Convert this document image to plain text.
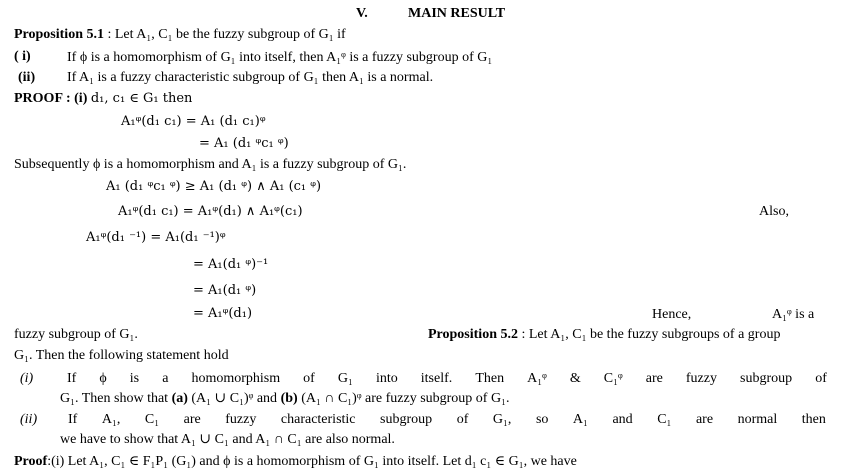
V.	MAIN RESULT
Proposition 5.1 : Let A₁, C₁ be the fuzzy subgroup of G₁ if
( i)	If ϕ is a homomorphism of G₁ into itself, then A₁ᵠ is a fuzzy subgroup of G₁
(ii) If A₁ is a fuzzy characteristic subgroup of G₁ then A₁ is a normal.
PROOF : (i) d₁, c₁ ∈ G₁ then
A₁ᵠ(d₁ c₁) = A₁ (d₁ c₁)ᵠ
= A₁ (d₁ ᵠc₁ ᵠ)
Subsequently ϕ is a homomorphism and A₁ is a fuzzy subgroup of G₁.
A₁ (d₁ ᵠc₁ ᵠ) ≥ A₁ (d₁ ᵠ) ∧ A₁ (c₁ ᵠ)
A₁ᵠ(d₁ c₁) = A₁ᵠ(d₁) ∧ A₁ᵠ(c₁)	Also,
A₁ᵠ(d₁ ⁻¹) = A₁(d₁ ⁻¹)ᵠ
= A₁(d₁ ᵠ)⁻¹
= A₁(d₁ ᵠ)
= A₁ᵠ(d₁)	Hence,	A₁ᵠ is a
fuzzy subgroup of G₁.	Proposition 5.2 : Let A₁, C₁ be the fuzzy subgroups of a group
G₁. Then the following statement hold
(i) If ϕ is a homomorphism of G₁ into itself. Then A₁ᵠ & C₁ᵠ are fuzzy subgroup of
G₁. Then show that (a) (A₁ ∪ C₁)ᵠ and (b) (A₁ ∩ C₁)ᵠ are fuzzy subgroup of G₁.
(ii) If A₁, C₁ are fuzzy characteristic subgroup of G₁, so A₁ and C₁ are normal then
we have to show that A₁ ∪ C₁ and A₁ ∩ C₁ are also normal.
Proof:(i) Let A₁, C₁ ∈ F₁P₁ (G₁) and ϕ is a homomorphism of G₁ into itself. Let d₁ c₁ ∈ G₁, we have
